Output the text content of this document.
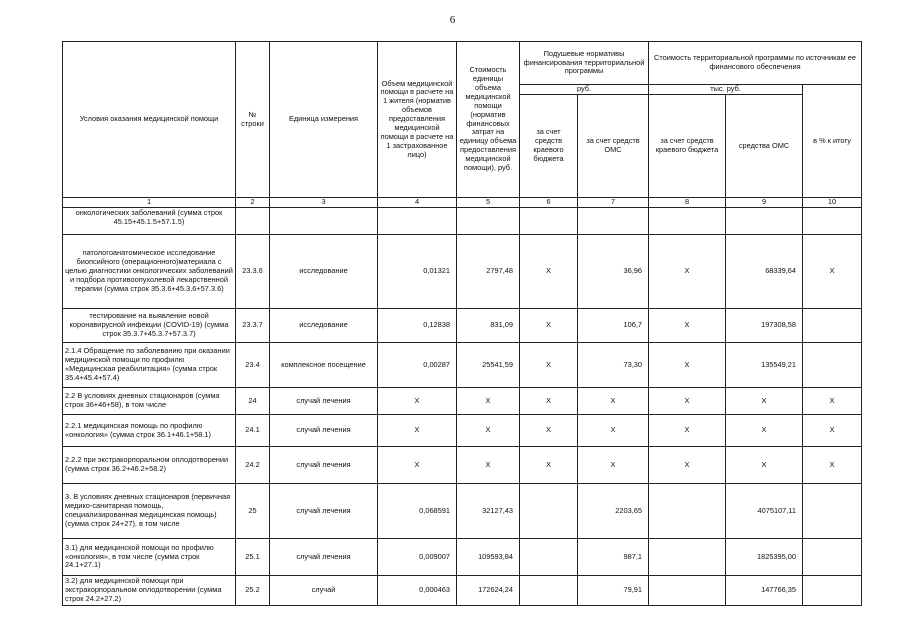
6
Условия оказания медицинской помощи	№ строки	Единица измерения	Объем медицинской помощи в расчете на 1 жителя (норматив объемов предоставления медицинской помощи в расчете на 1 застрахованное лицо)	Стоимость единицы объема медицинской помощи (норматив финансовых затрат на единицу объема предоставления медицинской помощи), руб.	Подушевые нормативы финансирования территориальной программы		Стоимость территориальной программы по источникам ее финансового обеспечения		
					руб.		тыс. руб.		в % к итогу
					за счет средств краевого бюджета	за счет средств ОМС	за счет средств краевого бюджета	средства ОМС	
1	2	3	4	5	6	7	8	9	10
онкологических заболеваний (сумма строк 45.15+45.1.5+57.1.5)									
патологоанатомическое исследование биопсийного (операционного)материала с целью диагностики онкологических заболеваний и подбора противоопухолевой лекарственной терапии (сумма строк 35.3.6+45.3.6+57.3.6)	23.3.6	исследование	0,01321	2797,48	Х	36,96	Х	68339,64	Х
тестирование на выявление новой коронавирусной инфекции (COVID-19) (сумма строк 35.3.7+45.3.7+57.3.7)	23.3.7	исследование	0,12838	831,09	Х	106,7	Х	197308,58	
2.1.4 Обращение по заболеванию при оказании медицинской помощи по профилю «Медицинская реабилитация» (сумма строк 35.4+45.4+57.4)	23.4	комплексное посещение	0,00287	25541,59	Х	73,30	Х	135549,21	
2.2 В условиях дневных стационаров (сумма строк 36+46+58), в том числе	24	случай лечения	Х	Х	Х	Х	Х	Х	Х
2.2.1 медицинская помощь по профилю «онкология» (сумма строк 36.1+46.1+58.1)	24.1	случай лечения	Х	Х	Х	Х	Х	Х	Х
2.2.2 при экстракорпоральном оплодотворении (сумма строк 36.2+46.2+58.2)	24.2	случай лечения	Х	Х	Х	Х	Х	Х	Х
3. В условиях дневных стационаров (первичная медико-санитарная помощь, специализированная медицинская помощь) (сумма строк 24+27), в том числе	25	случай лечения	0,068591	32127,43		2203,65		4075107,11	
3.1) для медицинской помощи по профилю «онкология», в том числе (сумма строк 24.1+27.1)	25.1	случай лечения	0,009007	109593,84		987,1		1825395,00	
3.2) для медицинской помощи при экстракорпоральном оплодотворении (сумма строк 24.2+27.2)	25.2	случай	0,000463	172624,24		79,91		147766,35	
